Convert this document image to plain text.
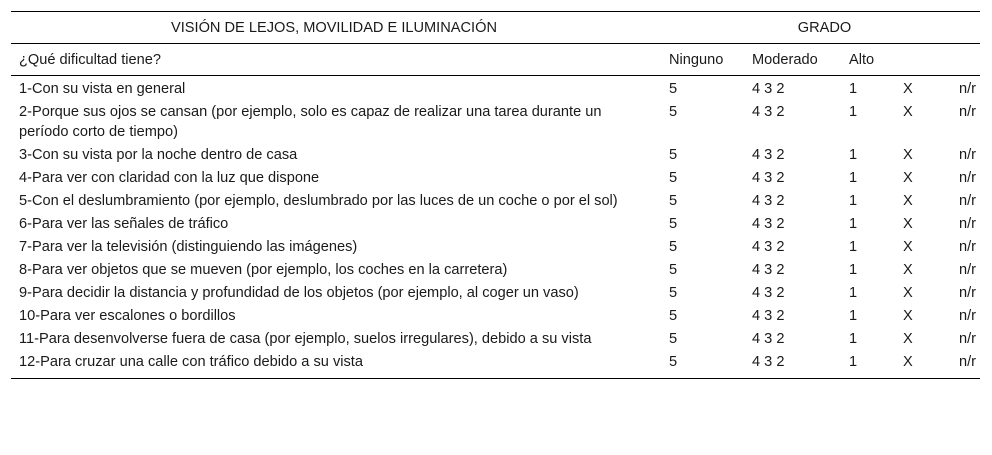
VISIÓN DE LEJOS, MOVILIDAD E ILUMINACIÓN	GRADO				
¿Qué dificultad tiene?	Ninguno	Moderado	Alto		
1-Con su vista en general	5	4 3 2	1	X	n/r
2-Porque sus ojos se cansan (por ejemplo, solo es capaz de realizar una tarea durante un período corto de tiempo)	5	4 3 2	1	X	n/r
3-Con su vista por la noche dentro de casa	5	4 3 2	1	X	n/r
4-Para ver con claridad con la luz que dispone	5	4 3 2	1	X	n/r
5-Con el deslumbramiento (por ejemplo, deslumbrado por las luces de un coche o por el sol)	5	4 3 2	1	X	n/r
6-Para ver las señales de tráfico	5	4 3 2	1	X	n/r
7-Para ver la televisión (distinguiendo las imágenes)	5	4 3 2	1	X	n/r
8-Para ver objetos que se mueven (por ejemplo, los coches en la carretera)	5	4 3 2	1	X	n/r
9-Para decidir la distancia y profundidad de los objetos (por ejemplo, al coger un vaso)	5	4 3 2	1	X	n/r
10-Para ver escalones o bordillos	5	4 3 2	1	X	n/r
11-Para desenvolverse fuera de casa (por ejemplo, suelos irregulares), debido a su vista	5	4 3 2	1	X	n/r
12-Para cruzar una calle con tráfico debido a su vista	5	4 3 2	1	X	n/r
